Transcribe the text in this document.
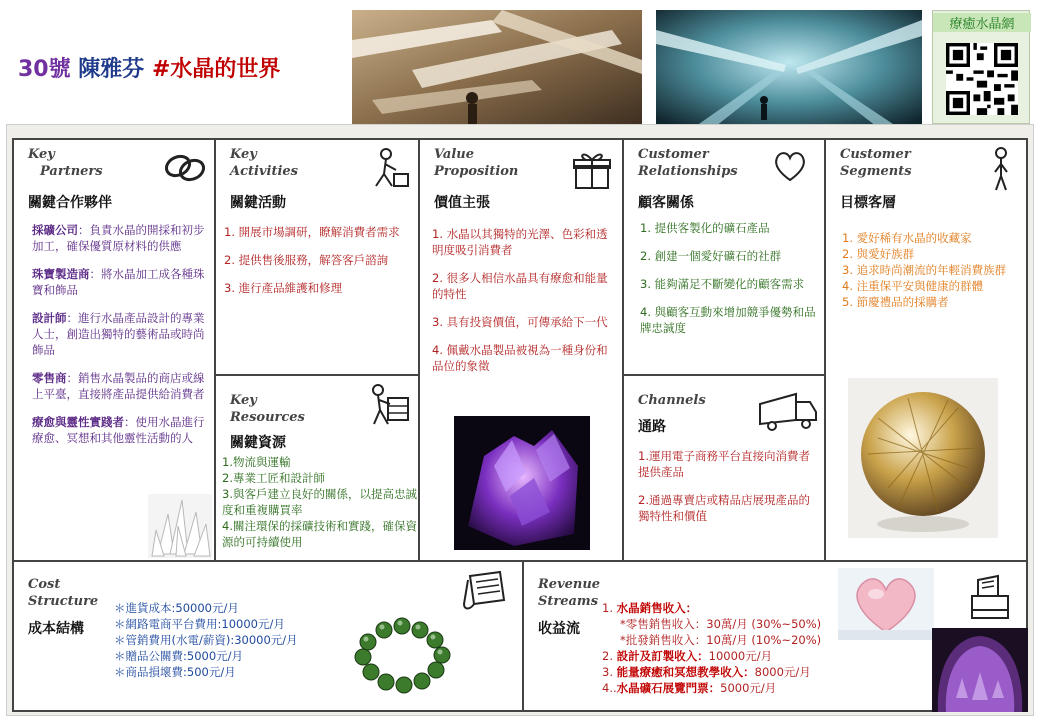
30號 陳雅芬 #水晶的世界
療癒水晶網
Key
Partners
關鍵合作夥伴
採礦公司：負責水晶的開採和初步加工，確保優質原材料的供應
珠寶製造商：將水晶加工成各種珠寶和飾品
設計師：進行水晶產品設計的專業人士，創造出獨特的藝術品或時尚飾品
零售商：銷售水晶製品的商店或線上平臺，直接將產品提供給消費者
療愈與靈性實踐者：使用水晶進行療愈、冥想和其他靈性活動的人
Key
Activities
關鍵活動

1. 開展市場調研，瞭解消費者需求

2. 提供售後服務，解答客戶諮詢

3. 進行產品維護和修理

Key
Resources
關鍵資源
1.物流與運輸
2.專業工匠和設計師
3.與客戶建立良好的關係，以提高忠誠度和重複購買率
4.關注環保的採礦技術和實踐，確保資源的可持續使用
Value
Proposition
價值主張

1. 水晶以其獨特的光澤、色彩和透明度吸引消費者

2. 很多人相信水晶具有療愈和能量的特性

3. 具有投資價值，可傳承給下一代

4. 佩戴水晶製品被視為一種身份和品位的象徵

Customer
Relationships
顧客關係

1. 提供客製化的礦石產品

2. 創建一個愛好礦石的社群

3. 能夠滿足不斷變化的顧客需求

4. 與顧客互動來增加競爭優勢和品牌忠誠度

Channels
通路

1.運用電子商務平台直接向消費者提供產品

2.通過專賣店或精品店展現產品的獨特性和價值

Customer
Segments
目標客層
1. 愛好稀有水晶的收藏家
2. 與愛好族群
3. 追求時尚潮流的年輕消費族群
4. 注重保平安與健康的群體
5. 節慶禮品的採購者
Cost
Structure
成本結構
＊進貨成本:50000元/月
＊網路電商平台費用:10000元/月
＊管銷費用(水電/薪資):30000元/月
＊贈品公關費:5000元/月
＊商品損壞費:500元/月
Revenue
Streams
收益流
1. 水晶銷售收入：
*零售銷售收入：30萬/月 (30%~50%)
*批發銷售收入：10萬/月 (10%~20%)
2. 設計及訂製收入：10000元/月
3. 能量療癒和冥想教學收入：8000元/月
4..水晶礦石展覽門票：5000元/月
